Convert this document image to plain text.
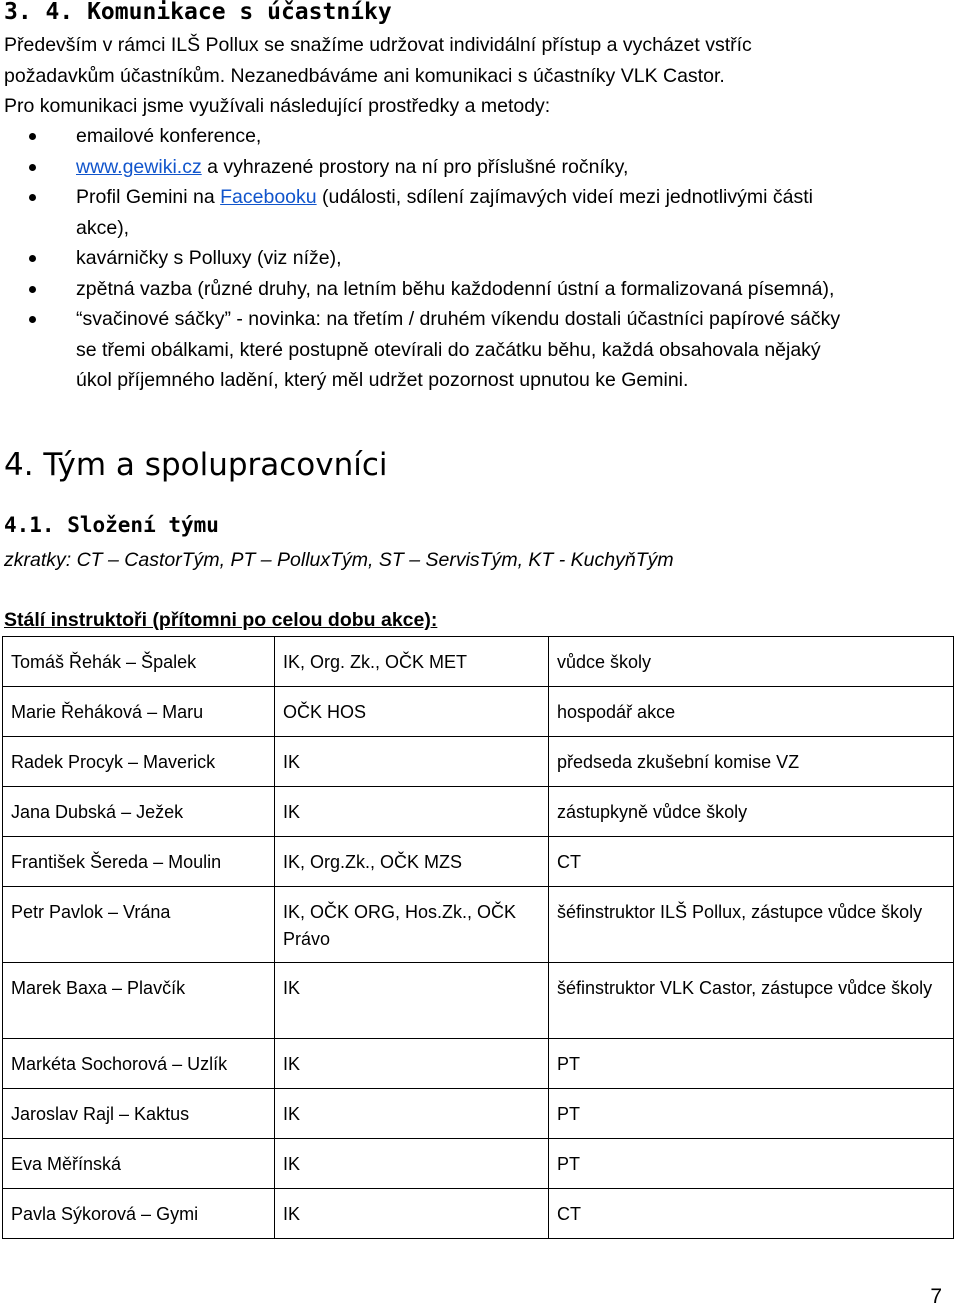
3. 4. Komunikace s účastníky

Především v rámci ILŠ Pollux se snažíme udržovat individální přístup a vycházet vstříc
požadavkům účastníkům. Nezanedbáváme ani komunikaci s účastníky VLK Castor.
Pro komunikaci jsme využívali následující prostředky a metody:

emailové konference,
www.gewiki.cz a vyhrazené prostory na ní pro příslušné ročníky,
Profil Gemini na Facebooku (události, sdílení zajímavých videí mezi jednotlivými části
akce),
kavárničky s Polluxy (viz níže),
zpětná vazba (různé druhy, na letním běhu každodenní ústní a formalizovaná písemná),
“svačinové sáčky” - novinka: na třetím / druhém víkendu dostali účastníci papírové sáčky
se třemi obálkami, které postupně otevírali do začátku běhu, každá obsahovala nějaký
úkol příjemného ladění, který měl udržet pozornost upnutou ke Gemini.
4. Tým a spolupracovníci
4.1. Složení týmu

zkratky: CT – CastorTým, PT – PolluxTým, ST – ServisTým, KT - KuchyňTým

Stálí instruktoři (přítomni po celou dobu akce):

Tomáš Řehák – Špalek	IK, Org. Zk., OČK MET	vůdce školy
Marie Řeháková – Maru	OČK HOS	hospodář akce
Radek Procyk – Maverick	IK	předseda zkušební komise VZ
Jana Dubská – Ježek	IK	zástupkyně vůdce školy
František Šereda – Moulin	IK, Org.Zk., OČK MZS	CT
Petr Pavlok – Vrána	IK, OČK ORG, Hos.Zk., OČK Právo	šéfinstruktor ILŠ Pollux, zástupce vůdce školy
Marek Baxa – Plavčík	IK	šéfinstruktor VLK Castor, zástupce vůdce školy
Markéta Sochorová – Uzlík	IK	PT
Jaroslav Rajl – Kaktus	IK	PT
Eva Měřínská	IK	PT
Pavla Sýkorová – Gymi	IK	CT
7
